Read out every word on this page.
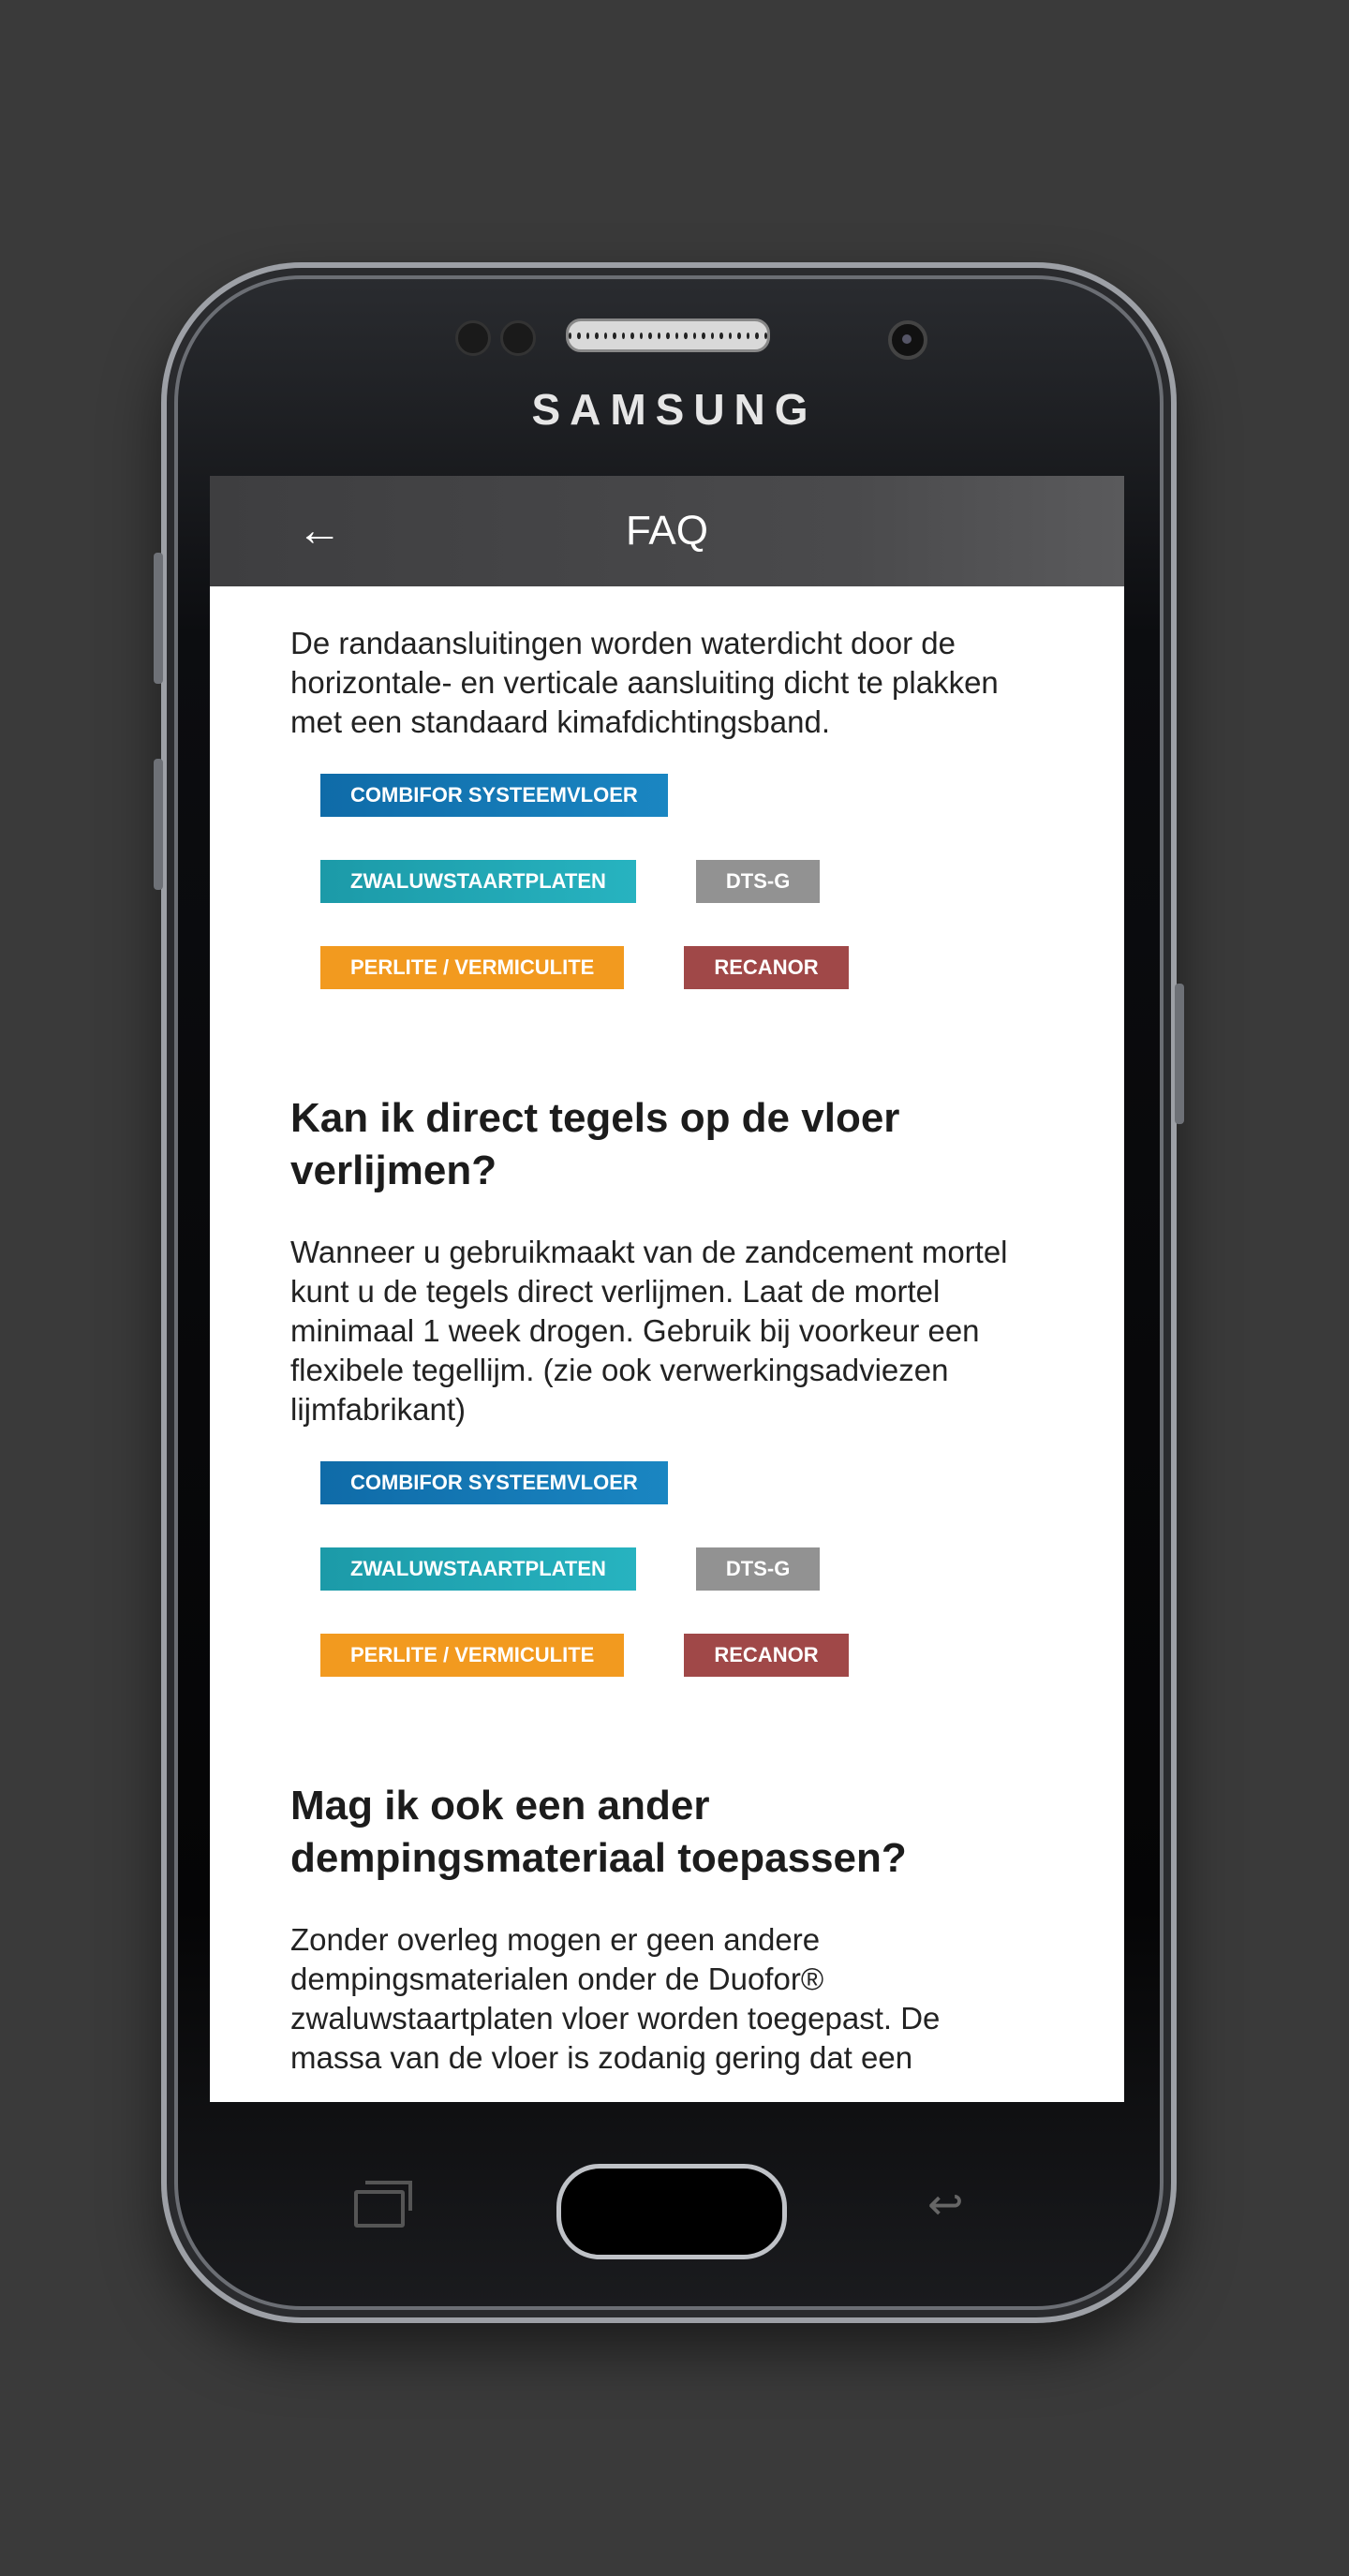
SAMSUNG
←	FAQ

De randaansluitingen worden waterdicht door de horizontale- en verticale aansluiting dicht te plakken met een standaard kimafdichtingsband.

COMBIFOR SYSTEEMVLOER
ZWALUWSTAARTPLATEN	DTS-G
PERLITE / VERMICULITE	RECANOR
Kan ik direct tegels op de vloer verlijmen?

Wanneer u gebruikmaakt van de zandcement mortel kunt u de tegels direct verlijmen. Laat de mortel minimaal 1 week drogen. Gebruik bij voorkeur een flexibele tegellijm. (zie ook verwerkingsadviezen lijmfabrikant)

COMBIFOR SYSTEEMVLOER
ZWALUWSTAARTPLATEN	DTS-G
PERLITE / VERMICULITE	RECANOR
Mag ik ook een ander dempingsmateriaal toepassen?

Zonder overleg mogen er geen andere dempingsmaterialen onder de Duofor® zwaluwstaartplaten vloer worden toegepast. De massa van de vloer is zodanig gering dat een

↩
